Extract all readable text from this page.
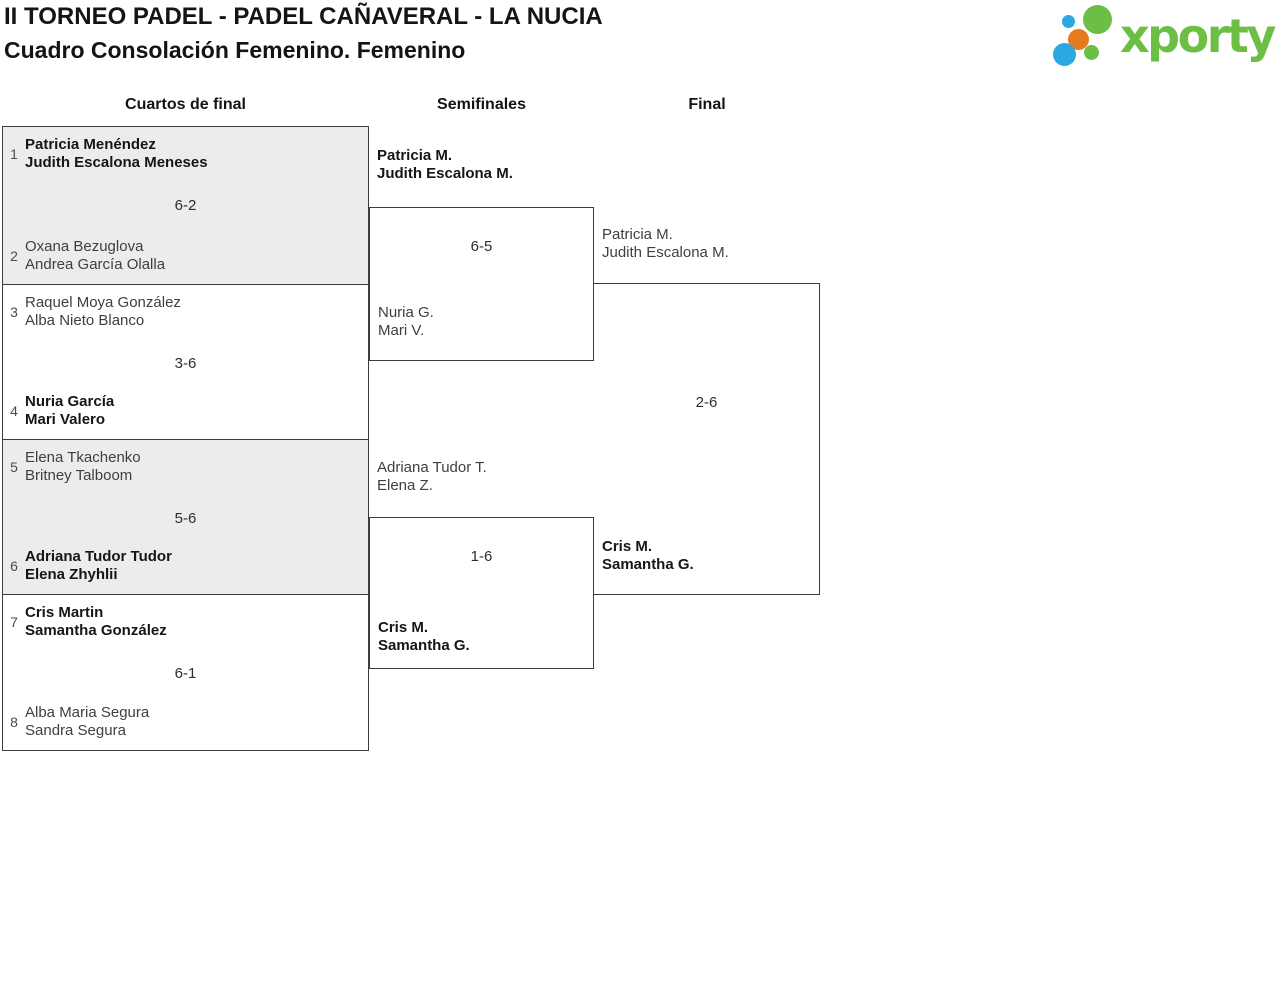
II TORNEO PADEL - PADEL CAÑAVERAL - LA NUCIA
Cuadro Consolación Femenino. Femenino	xporty
Cuartos de final	Semifinales	Final
1
Patricia Menéndez
Judith Escalona Meneses
6-2
Oxana Bezuglova
Andrea García Olalla
2
3
Raquel Moya González
Alba Nieto Blanco
3-6
Nuria García
Mari Valero
4
5
Elena Tkachenko
Britney Talboom
5-6
Adriana Tudor Tudor
Elena Zhyhlii
6
7
Cris Martin
Samantha González
6-1
Alba Maria Segura
Sandra Segura
8
Patricia M.
Judith Escalona M.
6-5
Nuria G.
Mari V.
Adriana Tudor T.
Elena Z.
1-6
Cris M.
Samantha G.
Patricia M.
Judith Escalona M.
2-6
Cris M.
Samantha G.
